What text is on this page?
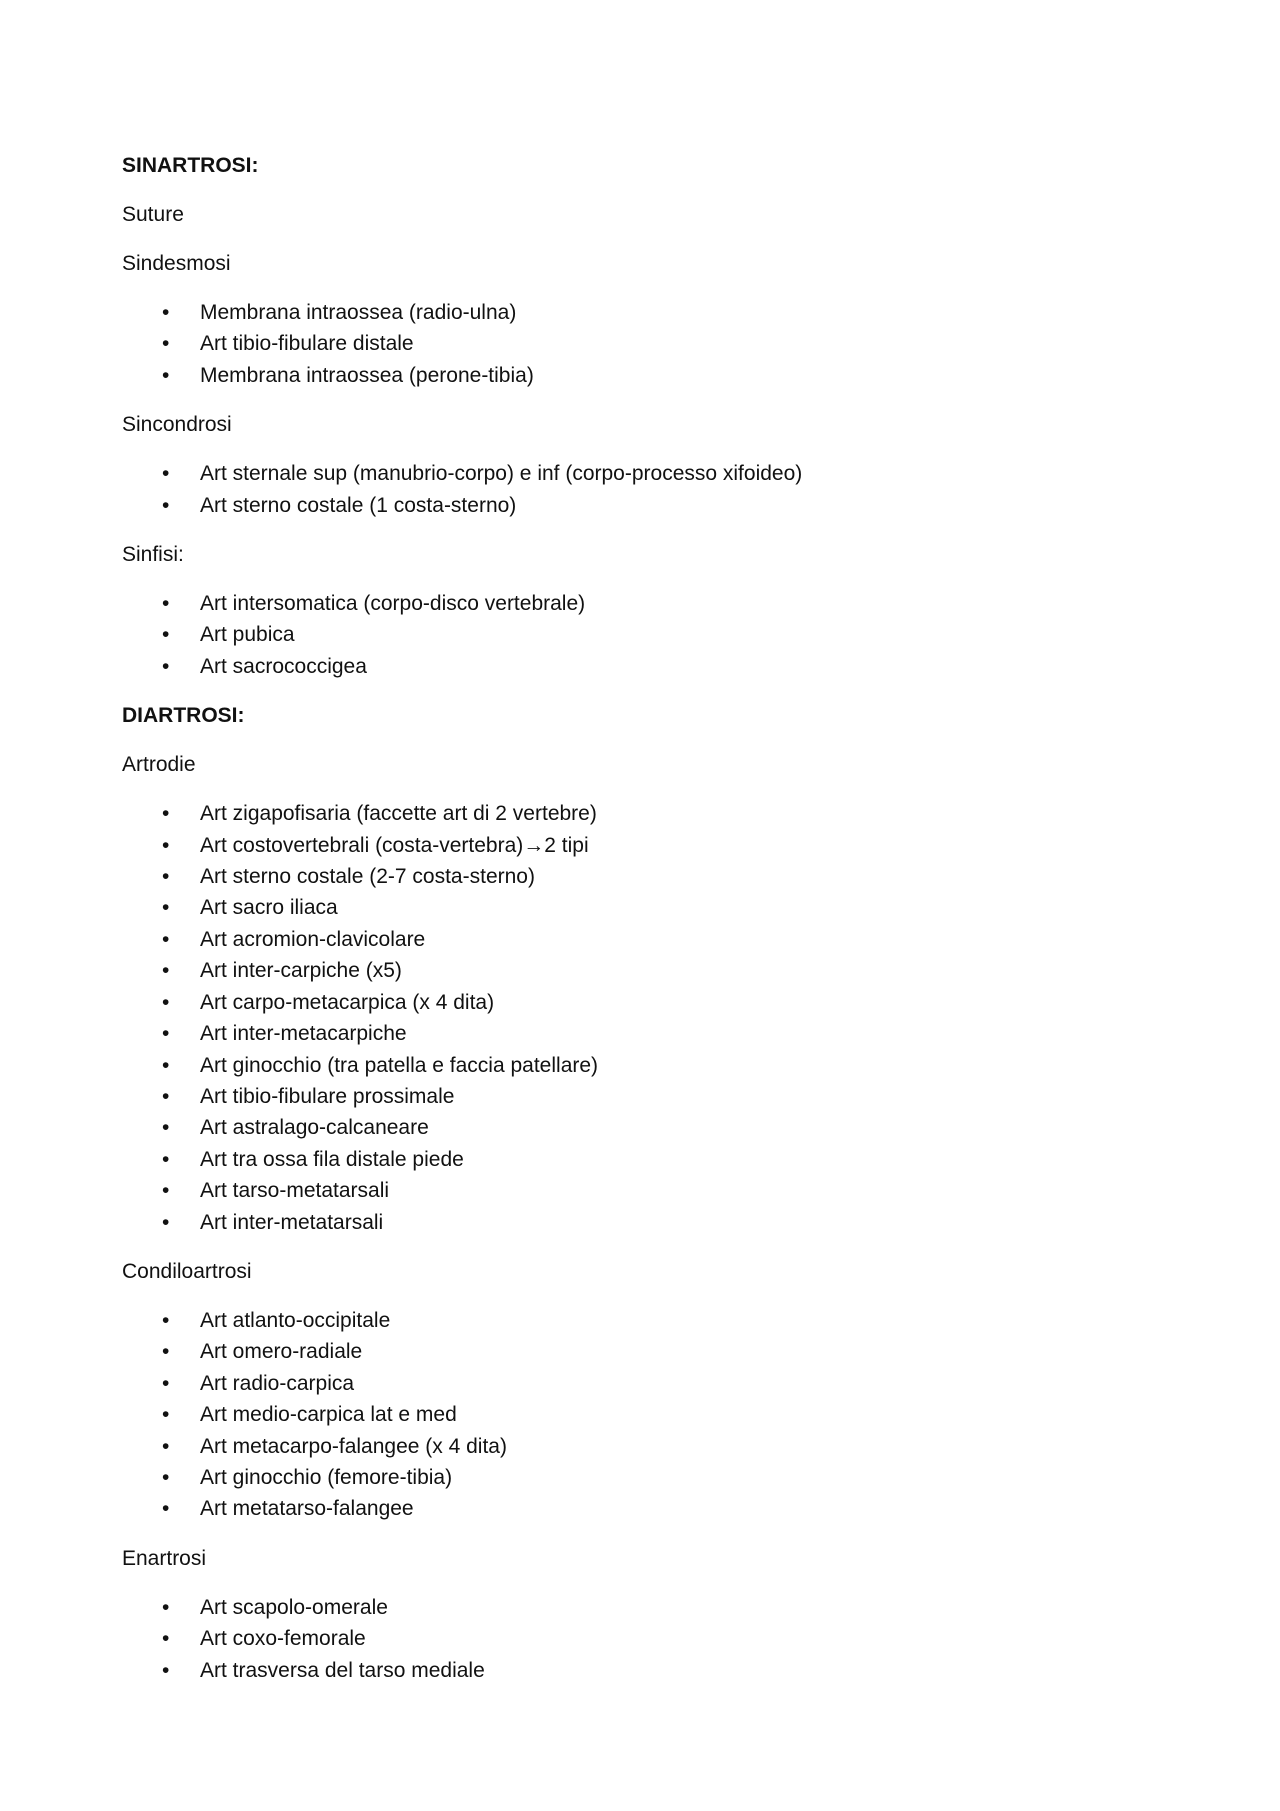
SINARTROSI:
Suture
Sindesmosi
• Membrana intraossea (radio-ulna)
• Art tibio-fibulare distale
• Membrana intraossea (perone-tibia)
Sincondrosi
• Art sternale sup (manubrio-corpo) e inf (corpo-processo xifoideo)
• Art sterno costale (1 costa-sterno)
Sinfisi:
• Art intersomatica (corpo-disco vertebrale)
• Art pubica
• Art sacrococcigea
DIARTROSI:
Artrodie
• Art zigapofisaria (faccette art di 2 vertebre)
• Art costovertebrali (costa-vertebra)→2 tipi
• Art sterno costale (2-7 costa-sterno)
• Art sacro iliaca
• Art acromion-clavicolare
• Art inter-carpiche (x5)
• Art carpo-metacarpica (x 4 dita)
• Art inter-metacarpiche
• Art ginocchio (tra patella e faccia patellare)
• Art tibio-fibulare prossimale
• Art astralago-calcaneare
• Art tra ossa fila distale piede
• Art tarso-metatarsali
• Art inter-metatarsali
Condiloartrosi
• Art atlanto-occipitale
• Art omero-radiale
• Art radio-carpica
• Art medio-carpica lat e med
• Art metacarpo-falangee (x 4 dita)
• Art ginocchio (femore-tibia)
• Art metatarso-falangee
Enartrosi
• Art scapolo-omerale
• Art coxo-femorale
• Art trasversa del tarso mediale
